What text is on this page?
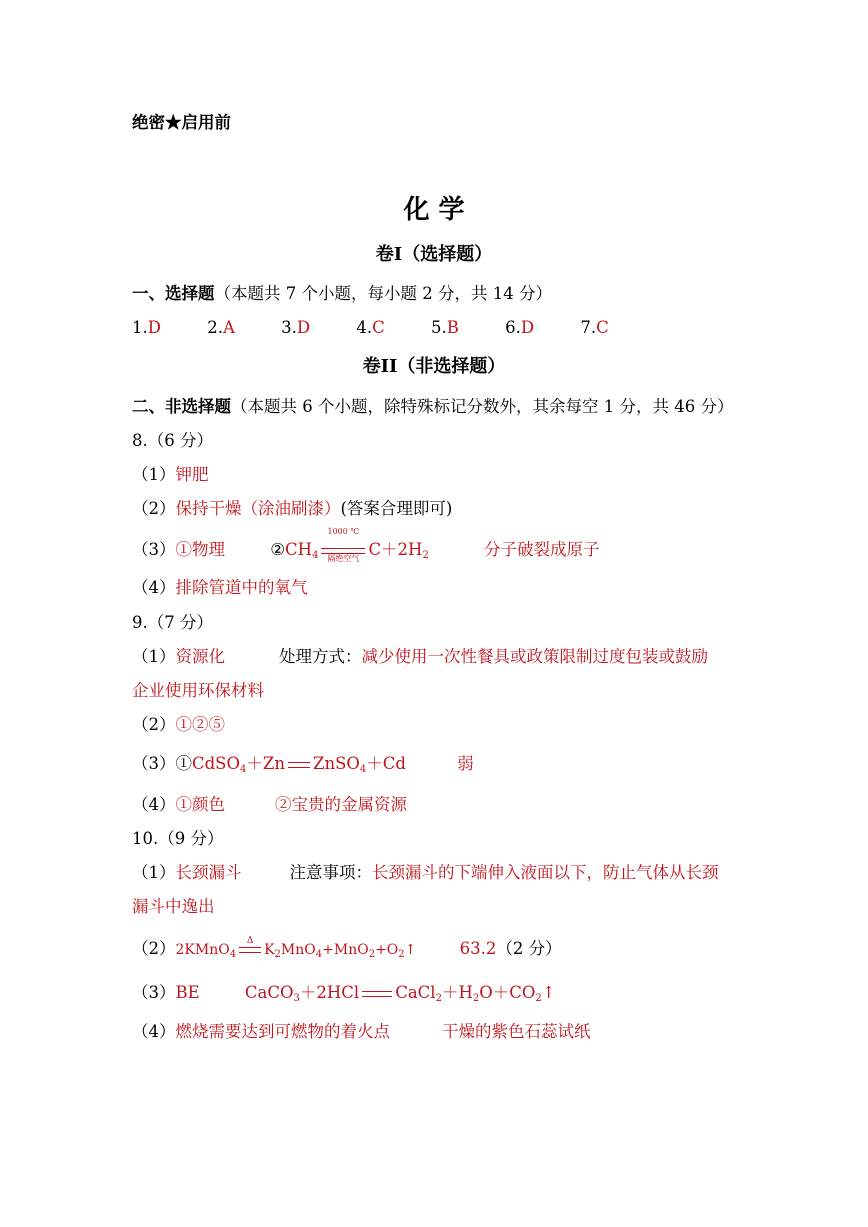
绝密★启用前
化 学
卷I（选择题）
一、选择题（本题共 7 个小题，每小题 2 分，共 14 分）
1.D	2.A	3.D	4.C	5.B	6.D	7.C
卷II（非选择题）
二、非选择题（本题共 6 个小题，除特殊标记分数外，其余每空 1 分，共 46 分）
8.（6 分）
（1）钾肥
（2）保持干燥（涂油刷漆）(答案合理即可)
（3）①物理	$②CH_4$
1000 ℃
隔绝空气 $C+2H_2$	分子破裂成原子
（4）排除管道中的氧气
9.（7 分）
（1）资源化	处理方式：减少使用一次性餐具或政策限制过度包装或鼓励
企业使用环保材料
（2）①②⑤
（3）①CdSO$_4$＋Zn ZnSO$_4$＋Cd	弱
（4）①颜色	②宝贵的金属资源
10.（9 分）
（1）长颈漏斗	注意事项：长颈漏斗的下端伸入液面以下，防止气体从长颈
漏斗中逸出
（2）2KMnO$_4$
Δ
$K_2MnO_4+MnO_2+O_2↑$	63.2（2 分）
（3）BE	CaCO$_3$＋2HCl $CaCl_2+H_2O+CO_2↑$
（4）燃烧需要达到可燃物的着火点	干燥的紫色石蕊试纸
